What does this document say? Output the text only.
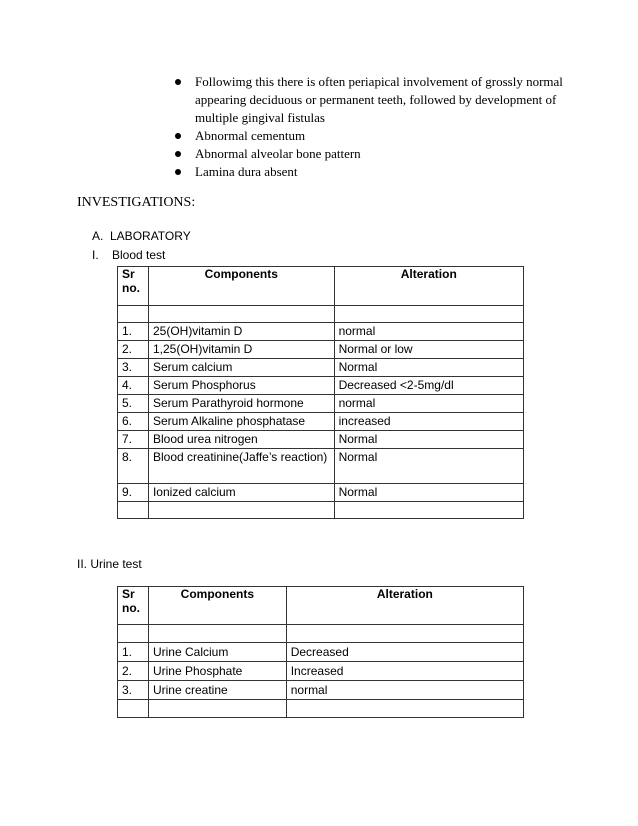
Followimg this there is often periapical involvement of grossly normal appearing deciduous or permanent teeth, followed by development of multiple gingival fistulas
Abnormal cementum
Abnormal alveolar bone pattern
Lamina dura absent
INVESTIGATIONS:
A.  LABORATORY
I.    Blood test
Sr no.	Components	Alteration

1.	25(OH)vitamin D	normal
2.	1,25(OH)vitamin D	Normal or low
3.	Serum calcium	Normal
4.	Serum Phosphorus	Decreased <2-5mg/dl
5.	Serum Parathyroid hormone	normal
6.	Serum Alkaline phosphatase	increased
7.	Blood urea nitrogen	Normal
8.	Blood creatinine(Jaffe’s reaction)	Normal
9.	Ionized calcium	Normal

II. Urine test
Sr no.	Components	Alteration

1.	Urine Calcium	Decreased
2.	Urine Phosphate	Increased
3.	Urine creatine	normal
